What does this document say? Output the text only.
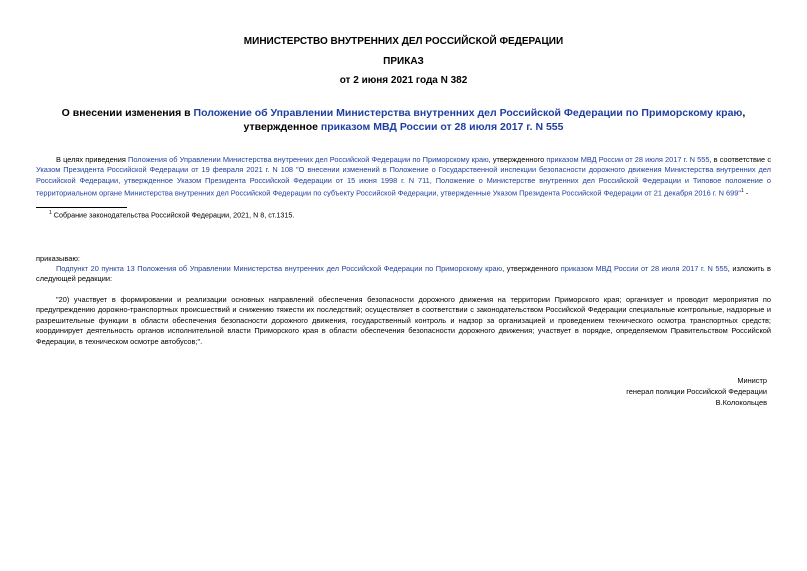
МИНИСТЕРСТВО ВНУТРЕННИХ ДЕЛ РОССИЙСКОЙ ФЕДЕРАЦИИ
ПРИКАЗ
от 2 июня 2021 года N 382
О внесении изменения в Положение об Управлении Министерства внутренних дел Российской Федерации по Приморскому краю, утвержденное приказом МВД России от 28 июля 2017 г. N 555
В целях приведения Положения об Управлении Министерства внутренних дел Российской Федерации по Приморскому краю, утвержденного приказом МВД России от 28 июля 2017 г. N 555, в соответствие с Указом Президента Российской Федерации от 19 февраля 2021 г. N 108 "О внесении изменений в Положение о Государственной инспекции безопасности дорожного движения Министерства внутренних дел Российской Федерации, утвержденное Указом Президента Российской Федерации от 15 июня 1998 г. N 711, Положение о Министерстве внутренних дел Российской Федерации и Типовое положение о территориальном органе Министерства внутренних дел Российской Федерации по субъекту Российской Федерации, утвержденные Указом Президента Российской Федерации от 21 декабря 2016 г. N 699"$^1$ -
$^1$ Собрание законодательства Российской Федерации, 2021, N 8, ст.1315.
приказываю:
Подпункт 20 пункта 13 Положения об Управлении Министерства внутренних дел Российской Федерации по Приморскому краю, утвержденного приказом МВД России от 28 июля 2017 г. N 555, изложить в следующей редакции:
"20) участвует в формировании и реализации основных направлений обеспечения безопасности дорожного движения на территории Приморского края; организует и проводит мероприятия по предупреждению дорожно-транспортных происшествий и снижению тяжести их последствий; осуществляет в соответствии с законодательством Российской Федерации специальные контрольные, надзорные и разрешительные функции в области обеспечения безопасности дорожного движения, государственный контроль и надзор за организацией и проведением технического осмотра транспортных средств; координирует деятельность органов исполнительной власти Приморского края в области обеспечения безопасности дорожного движения; участвует в порядке, определяемом Правительством Российской Федерации, в техническом осмотре автобусов;".
Министр
генерал полиции Российской Федерации
В.Колокольцев
